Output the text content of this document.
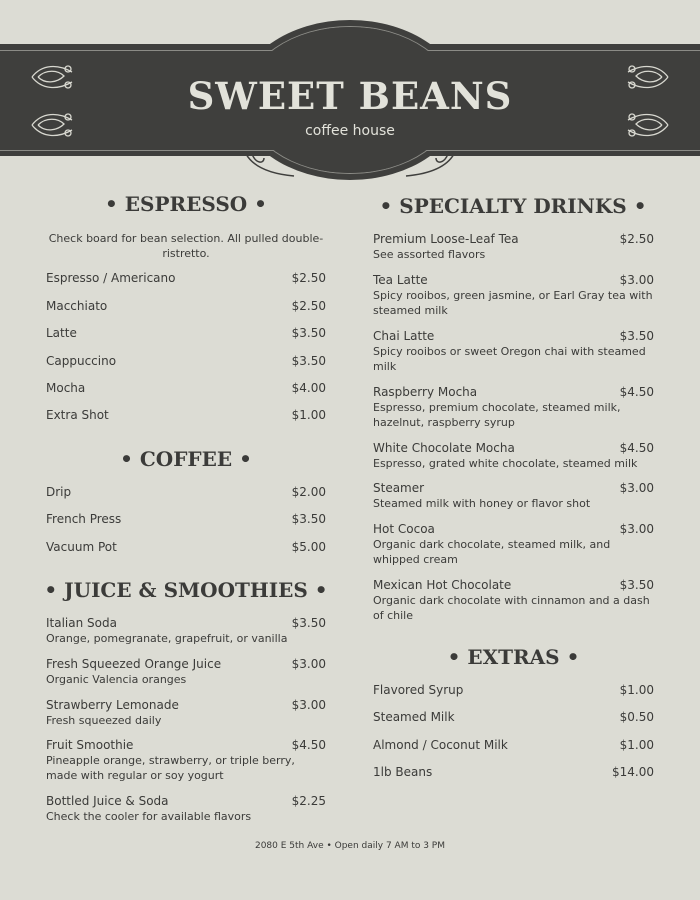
SWEET BEANS
coffee house
• ESPRESSO •
Check board for bean selection. All pulled double-ristretto.
Espresso / Americano	$2.50
Macchiato	$2.50
Latte	$3.50
Cappuccino	$3.50
Mocha	$4.00
Extra Shot	$1.00
• COFFEE •
Drip	$2.00
French Press	$3.50
Vacuum Pot	$5.00
• JUICE & SMOOTHIES •
Italian Soda	$3.50
Orange, pomegranate, grapefruit, or vanilla
Fresh Squeezed Orange Juice	$3.00
Organic Valencia oranges
Strawberry Lemonade	$3.00
Fresh squeezed daily
Fruit Smoothie	$4.50
Pineapple orange, strawberry, or triple berry, made with regular or soy yogurt
Bottled Juice & Soda	$2.25
Check the cooler for available flavors
• SPECIALTY DRINKS •
Premium Loose-Leaf Tea	$2.50
See assorted flavors
Tea Latte	$3.00
Spicy rooibos, green jasmine, or Earl Gray tea with steamed milk
Chai Latte	$3.50
Spicy rooibos or sweet Oregon chai with steamed milk
Raspberry Mocha	$4.50
Espresso, premium chocolate, steamed milk, hazelnut, raspberry syrup
White Chocolate Mocha	$4.50
Espresso, grated white chocolate, steamed milk
Steamer	$3.00
Steamed milk with honey or flavor shot
Hot Cocoa	$3.00
Organic dark chocolate, steamed milk, and whipped cream
Mexican Hot Chocolate	$3.50
Organic dark chocolate with cinnamon and a dash of chile
• EXTRAS •
Flavored Syrup	$1.00
Steamed Milk	$0.50
Almond / Coconut Milk	$1.00
1lb Beans	$14.00
2080 E 5th Ave • Open daily 7 AM to 3 PM
